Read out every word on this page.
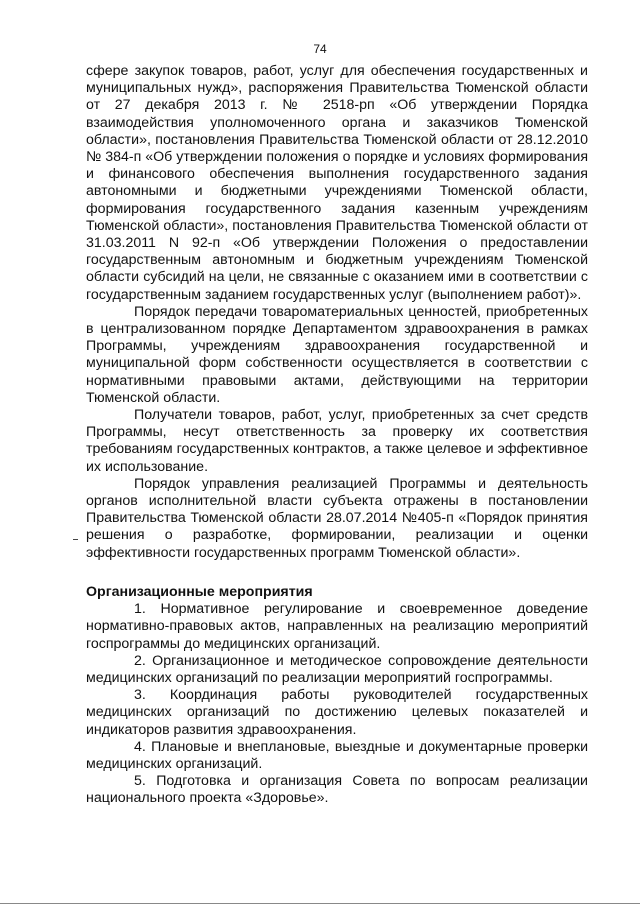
74

сфере закупок товаров, работ, услуг для обеспечения государственных и муниципальных нужд», распоряжения Правительства Тюменской области от 27 декабря 2013 г. № 2518-рп «Об утверждении Порядка взаимодействия уполномоченного органа и заказчиков Тюменской области», постановления Правительства Тюменской области от 28.12.2010 № 384-п «Об утверждении положения о порядке и условиях формирования и финансового обеспечения выполнения государственного задания автономными и бюджетными учреждениями Тюменской области, формирования государственного задания казенным учреждениям Тюменской области», постановления Правительства Тюменской области от 31.03.2011 N 92-п «Об утверждении Положения о предоставлении государственным автономным и бюджетным учреждениям Тюменской области субсидий на цели, не связанные с оказанием ими в соответствии с государственным заданием государственных услуг (выполнением работ)».

Порядок передачи товароматериальных ценностей, приобретенных в централизованном порядке Департаментом здравоохранения в рамках Программы, учреждениям здравоохранения государственной и муниципальной форм собственности осуществляется в соответствии с нормативными правовыми актами, действующими на территории Тюменской области.

Получатели товаров, работ, услуг, приобретенных за счет средств Программы, несут ответственность за проверку их соответствия требованиям государственных контрактов, а также целевое и эффективное их использование.

Порядок управления реализацией Программы и деятельность органов исполнительной власти субъекта отражены в постановлении Правительства Тюменской области 28.07.2014 №405-п «Порядок принятия решения о разработке, формировании, реализации и оценки эффективности государственных программ Тюменской области».

Организационные мероприятия

1. Нормативное регулирование и своевременное доведение нормативно-правовых актов, направленных на реализацию мероприятий госпрограммы до медицинских организаций.

2. Организационное и методическое сопровождение деятельности медицинских организаций по реализации мероприятий госпрограммы.

3. Координация работы руководителей государственных медицинских организаций по достижению целевых показателей и индикаторов развития здравоохранения.

4. Плановые и внеплановые, выездные и документарные проверки медицинских организаций.

5. Подготовка и организация Совета по вопросам реализации национального проекта «Здоровье».
